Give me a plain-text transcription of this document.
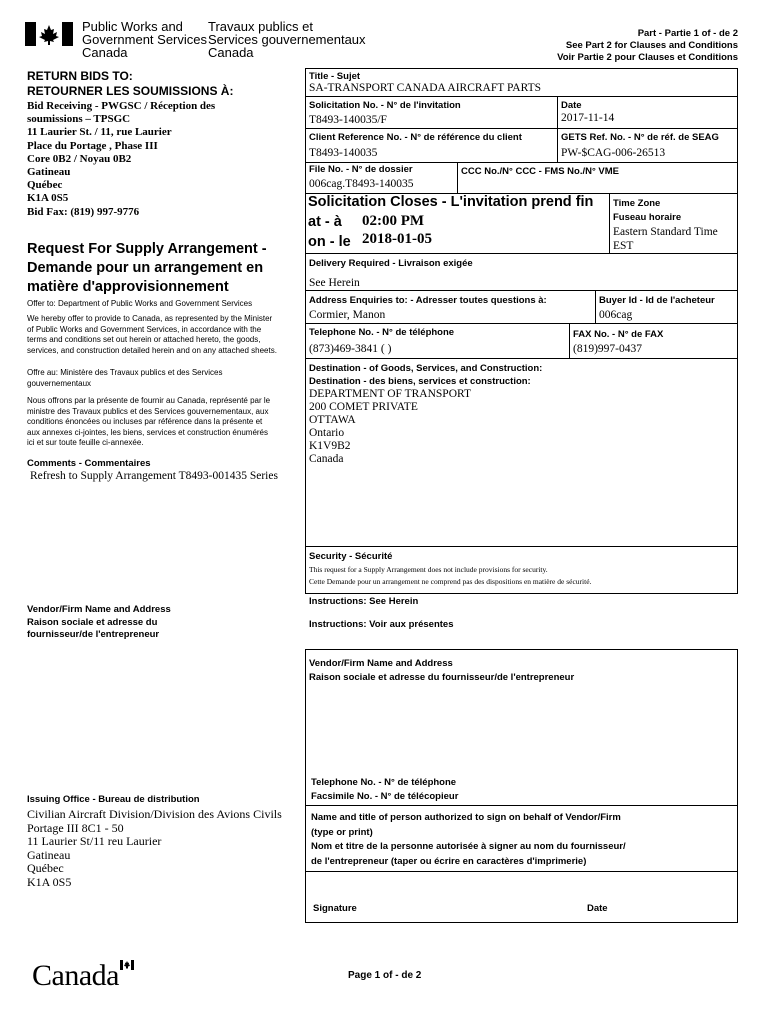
Public Works and
Government Services
Canada
Travaux publics et
Services gouvernementaux
Canada
Part - Partie 1 of - de 2
See Part 2 for Clauses and Conditions
Voir Partie 2 pour Clauses et Conditions
RETURN BIDS TO:
RETOURNER LES SOUMISSIONS À:
Bid Receiving - PWGSC / Réception des
soumissions – TPSGC
11 Laurier St. / 11, rue Laurier
Place du Portage , Phase III
Core 0B2 / Noyau 0B2
Gatineau
Québec
K1A 0S5
Bid Fax: (819) 997-9776
Request For Supply Arrangement -
Demande pour un arrangement en
matière d'approvisionnement
Offer to: Department of Public Works and Government Services
We hereby offer to provide to Canada, as represented by the Minister
of Public Works and Government Services, in accordance with the
terms and conditions set out herein or attached hereto, the goods,
services, and construction detailed herein and on any attached sheets.
Offre au: Ministère des Travaux publics et des Services
gouvernementaux
Nous offrons par la présente de fournir au Canada, représenté par le
ministre des Travaux publics et des Services gouvernementaux, aux
conditions énoncées ou incluses par référence dans la présente et
aux annexes ci-jointes, les biens, services et construction énumérés
ici et sur toute feuille ci-annexée.
Comments - Commentaires
Refresh to Supply Arrangement T8493-001435 Series
Title - Sujet
SA-TRANSPORT CANADA AIRCRAFT PARTS
Solicitation No. - N° de l'invitation
T8493-140035/F
Date
2017-11-14
Client Reference No. - N° de référence du client
T8493-140035
GETS Ref. No. - N° de réf. de SEAG
PW-$CAG-006-26513
File No. - N° de dossier
006cag.T8493-140035
CCC No./N° CCC - FMS No./N° VME
Solicitation Closes - L'invitation prend fin
at - à 02:00 PM
on - le 2018-01-05
Time Zone
Fuseau horaire
Eastern Standard Time
EST
Delivery Required - Livraison exigée
See Herein
Address Enquiries to: - Adresser toutes questions à:
Cormier, Manon
Buyer Id - Id de l'acheteur
006cag
Telephone No. - N° de téléphone
(873)469-3841 ( )
FAX No. - N° de FAX
(819)997-0437
Destination - of Goods, Services, and Construction:
Destination - des biens, services et construction:
DEPARTMENT OF TRANSPORT
200 COMET PRIVATE
OTTAWA
Ontario
K1V9B2
Canada
Security - Sécurité
This request for a Supply Arrangement does not include provisions for security.
Cette Demande pour un arrangement ne comprend pas des dispositions en matière de sécurité.
Instructions: See Herein
Instructions: Voir aux présentes
Vendor/Firm Name and Address
Raison sociale et adresse du
fournisseur/de l'entrepreneur
Vendor/Firm Name and Address
Raison sociale et adresse du fournisseur/de l'entrepreneur
Telephone No. - N° de téléphone
Facsimile No. - N° de télécopieur
Name and title of person authorized to sign on behalf of Vendor/Firm
(type or print)
Nom et titre de la personne autorisée à signer au nom du fournisseur/
de l'entrepreneur (taper ou écrire en caractères d'imprimerie)
Signature	Date
Issuing Office - Bureau de distribution
Civilian Aircraft Division/Division des Avions Civils
Portage III 8C1 - 50
11 Laurier St/11 reu Laurier
Gatineau
Québec
K1A 0S5
Canada	Page 1 of - de 2
